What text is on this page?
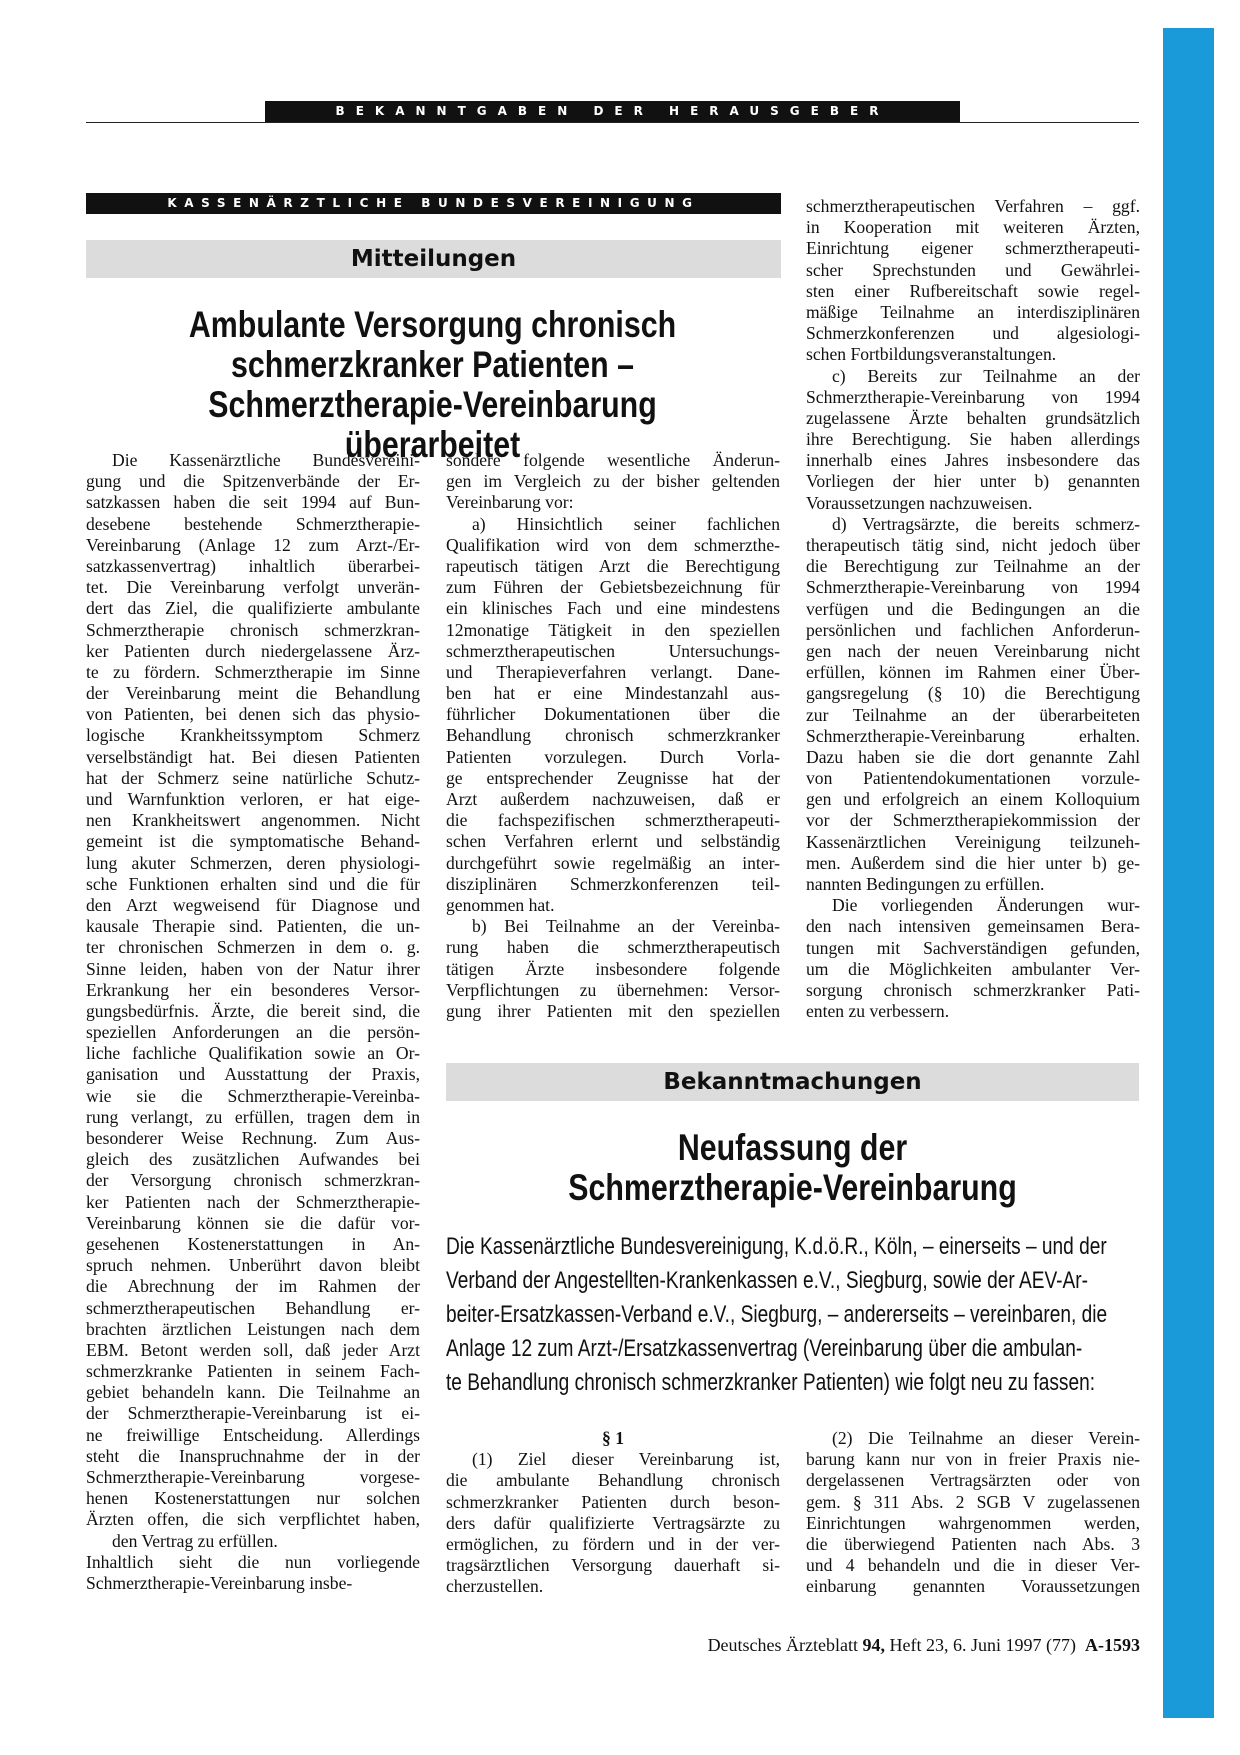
BEKANNTGABEN DER HERAUSGEBER
KASSENÄRZTLICHE BUNDESVEREINIGUNG
Mitteilungen
Ambulante Versorgung chronisch
schmerzkranker Patienten –
Schmerztherapie-Vereinbarung überarbeitet
Die Kassenärztliche Bundesvereini-
gung und die Spitzenverbände der Er-
satzkassen haben die seit 1994 auf Bun-
desebene bestehende Schmerztherapie-
Vereinbarung (Anlage 12 zum Arzt-/Er-
satzkassenvertrag) inhaltlich überarbei-
tet. Die Vereinbarung verfolgt unverän-
dert das Ziel, die qualifizierte ambulante
Schmerztherapie chronisch schmerzkran-
ker Patienten durch niedergelassene Ärz-
te zu fördern. Schmerztherapie im Sinne
der Vereinbarung meint die Behandlung
von Patienten, bei denen sich das physio-
logische Krankheitssymptom Schmerz
verselbständigt hat. Bei diesen Patienten
hat der Schmerz seine natürliche Schutz-
und Warnfunktion verloren, er hat eige-
nen Krankheitswert angenommen. Nicht
gemeint ist die symptomatische Behand-
lung akuter Schmerzen, deren physiologi-
sche Funktionen erhalten sind und die für
den Arzt wegweisend für Diagnose und
kausale Therapie sind. Patienten, die un-
ter chronischen Schmerzen in dem o. g.
Sinne leiden, haben von der Natur ihrer
Erkrankung her ein besonderes Versor-
gungsbedürfnis. Ärzte, die bereit sind, die
speziellen Anforderungen an die persön-
liche fachliche Qualifikation sowie an Or-
ganisation und Ausstattung der Praxis,
wie sie die Schmerztherapie-Vereinba-
rung verlangt, zu erfüllen, tragen dem in
besonderer Weise Rechnung. Zum Aus-
gleich des zusätzlichen Aufwandes bei
der Versorgung chronisch schmerzkran-
ker Patienten nach der Schmerztherapie-
Vereinbarung können sie die dafür vor-
gesehenen Kostenerstattungen in An-
spruch nehmen. Unberührt davon bleibt
die Abrechnung der im Rahmen der
schmerztherapeutischen Behandlung er-
brachten ärztlichen Leistungen nach dem
EBM. Betont werden soll, daß jeder Arzt
schmerzkranke Patienten in seinem Fach-
gebiet behandeln kann. Die Teilnahme an
der Schmerztherapie-Vereinbarung ist ei-
ne freiwillige Entscheidung. Allerdings
steht die Inanspruchnahme der in der
Schmerztherapie-Vereinbarung vorgese-
henen Kostenerstattungen nur solchen
Ärzten offen, die sich verpflichtet haben,
den Vertrag zu erfüllen.
Inhaltlich sieht die nun vorliegende
Schmerztherapie-Vereinbarung insbe-
sondere folgende wesentliche Änderun-
gen im Vergleich zu der bisher geltenden
Vereinbarung vor:
a) Hinsichtlich seiner fachlichen
Qualifikation wird von dem schmerzthe-
rapeutisch tätigen Arzt die Berechtigung
zum Führen der Gebietsbezeichnung für
ein klinisches Fach und eine mindestens
12monatige Tätigkeit in den speziellen
schmerztherapeutischen Untersuchungs-
und Therapieverfahren verlangt. Dane-
ben hat er eine Mindestanzahl aus-
führlicher Dokumentationen über die
Behandlung chronisch schmerzkranker
Patienten vorzulegen. Durch Vorla-
ge entsprechender Zeugnisse hat der
Arzt außerdem nachzuweisen, daß er
die fachspezifischen schmerztherapeuti-
schen Verfahren erlernt und selbständig
durchgeführt sowie regelmäßig an inter-
disziplinären Schmerzkonferenzen teil-
genommen hat.
b) Bei Teilnahme an der Vereinba-
rung haben die schmerztherapeutisch
tätigen Ärzte insbesondere folgende
Verpflichtungen zu übernehmen: Versor-
gung ihrer Patienten mit den speziellen
schmerztherapeutischen Verfahren – ggf.
in Kooperation mit weiteren Ärzten,
Einrichtung eigener schmerztherapeuti-
scher Sprechstunden und Gewährlei-
sten einer Rufbereitschaft sowie regel-
mäßige Teilnahme an interdisziplinären
Schmerzkonferenzen und algesiologi-
schen Fortbildungsveranstaltungen.
c) Bereits zur Teilnahme an der
Schmerztherapie-Vereinbarung von 1994
zugelassene Ärzte behalten grundsätzlich
ihre Berechtigung. Sie haben allerdings
innerhalb eines Jahres insbesondere das
Vorliegen der hier unter b) genannten
Voraussetzungen nachzuweisen.
d) Vertragsärzte, die bereits schmerz-
therapeutisch tätig sind, nicht jedoch über
die Berechtigung zur Teilnahme an der
Schmerztherapie-Vereinbarung von 1994
verfügen und die Bedingungen an die
persönlichen und fachlichen Anforderun-
gen nach der neuen Vereinbarung nicht
erfüllen, können im Rahmen einer Über-
gangsregelung (§ 10) die Berechtigung
zur Teilnahme an der überarbeiteten
Schmerztherapie-Vereinbarung erhalten.
Dazu haben sie die dort genannte Zahl
von Patientendokumentationen vorzule-
gen und erfolgreich an einem Kolloquium
vor der Schmerztherapiekommission der
Kassenärztlichen Vereinigung teilzuneh-
men. Außerdem sind die hier unter b) ge-
nannten Bedingungen zu erfüllen.
Die vorliegenden Änderungen wur-
den nach intensiven gemeinsamen Bera-
tungen mit Sachverständigen gefunden,
um die Möglichkeiten ambulanter Ver-
sorgung chronisch schmerzkranker Pati-
enten zu verbessern.
Bekanntmachungen
Neufassung der
Schmerztherapie-Vereinbarung
Die Kassenärztliche Bundesvereinigung, K.d.ö.R., Köln, – einerseits – und der
Verband der Angestellten-Krankenkassen e.V., Siegburg, sowie der AEV-Ar-
beiter-Ersatzkassen-Verband e.V., Siegburg, – andererseits – vereinbaren, die
Anlage 12 zum Arzt-/Ersatzkassenvertrag (Vereinbarung über die ambulan-
te Behandlung chronisch schmerzkranker Patienten) wie folgt neu zu fassen:
§ 1
(1) Ziel dieser Vereinbarung ist,
die ambulante Behandlung chronisch
schmerzkranker Patienten durch beson-
ders dafür qualifizierte Vertragsärzte zu
ermöglichen, zu fördern und in der ver-
tragsärztlichen Versorgung dauerhaft si-
cherzustellen.
(2) Die Teilnahme an dieser Verein-
barung kann nur von in freier Praxis nie-
dergelassenen Vertragsärzten oder von
gem. § 311 Abs. 2 SGB V zugelassenen
Einrichtungen wahrgenommen werden,
die überwiegend Patienten nach Abs. 3
und 4 behandeln und die in dieser Ver-
einbarung genannten Voraussetzungen
Deutsches Ärzteblatt 94, Heft 23, 6. Juni 1997 (77) A-1593
